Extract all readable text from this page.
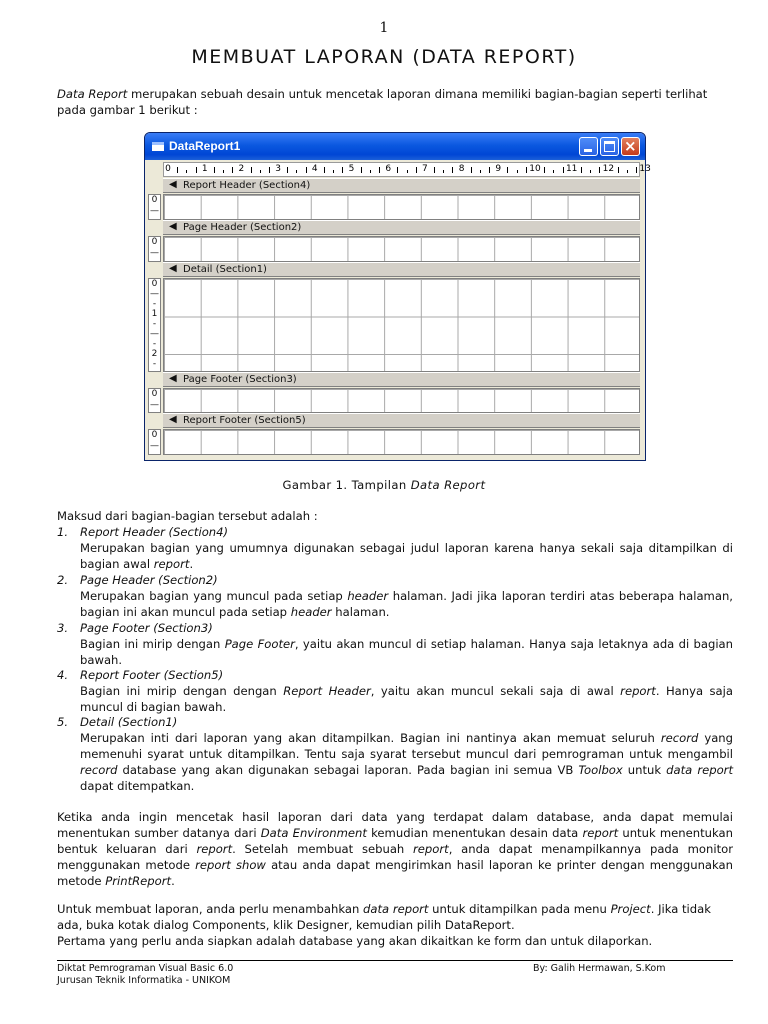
1
MEMBUAT LAPORAN (DATA REPORT)
Data Report merupakan sebuah desain untuk mencetak laporan dimana memiliki bagian-bagian seperti terlihat pada gambar 1 berikut :
DataReport1	×
0	1	2	3	4	5	6	7	8	9	10	11	12	13
◀ Report Header (Section4)
0
—
◀ Page Header (Section2)
0
—
◀ Detail (Section1)
0
—
-
1
-
—
-
2
-
◀ Page Footer (Section3)
0
—
◀ Report Footer (Section5)
0
—
Gambar 1. Tampilan Data Report
Maksud dari bagian-bagian tersebut adalah :
1. Report Header (Section4)
Merupakan bagian yang umumnya digunakan sebagai judul laporan karena hanya sekali saja ditampilkan di bagian awal report.
2. Page Header (Section2)
Merupakan bagian yang muncul pada setiap header halaman. Jadi jika laporan terdiri atas beberapa halaman, bagian ini akan muncul pada setiap header halaman.
3. Page Footer (Section3)
Bagian ini mirip dengan Page Footer, yaitu akan muncul di setiap halaman. Hanya saja letaknya ada di bagian bawah.
4. Report Footer (Section5)
Bagian ini mirip dengan dengan Report Header, yaitu akan muncul sekali saja di awal report. Hanya saja muncul di bagian bawah.
5. Detail (Section1)
Merupakan inti dari laporan yang akan ditampilkan. Bagian ini nantinya akan memuat seluruh record yang memenuhi syarat untuk ditampilkan. Tentu saja syarat tersebut muncul dari pemrograman untuk mengambil record database yang akan digunakan sebagai laporan. Pada bagian ini semua VB Toolbox untuk data report dapat ditempatkan.
Ketika anda ingin mencetak hasil laporan dari data yang terdapat dalam database, anda dapat memulai menentukan sumber datanya dari Data Environment kemudian menentukan desain data report untuk menentukan bentuk keluaran dari report. Setelah membuat sebuah report, anda dapat menampilkannya pada monitor menggunakan metode report show atau anda dapat mengirimkan hasil laporan ke printer dengan menggunakan metode PrintReport.
Untuk membuat laporan, anda perlu menambahkan data report untuk ditampilkan pada menu Project. Jika tidak ada, buka kotak dialog Components, klik Designer, kemudian pilih DataReport.
Pertama yang perlu anda siapkan adalah database yang akan dikaitkan ke form dan untuk dilaporkan.
Diktat Pemrograman Visual Basic 6.0
Jurusan Teknik Informatika - UNIKOM
By: Galih Hermawan, S.Kom
